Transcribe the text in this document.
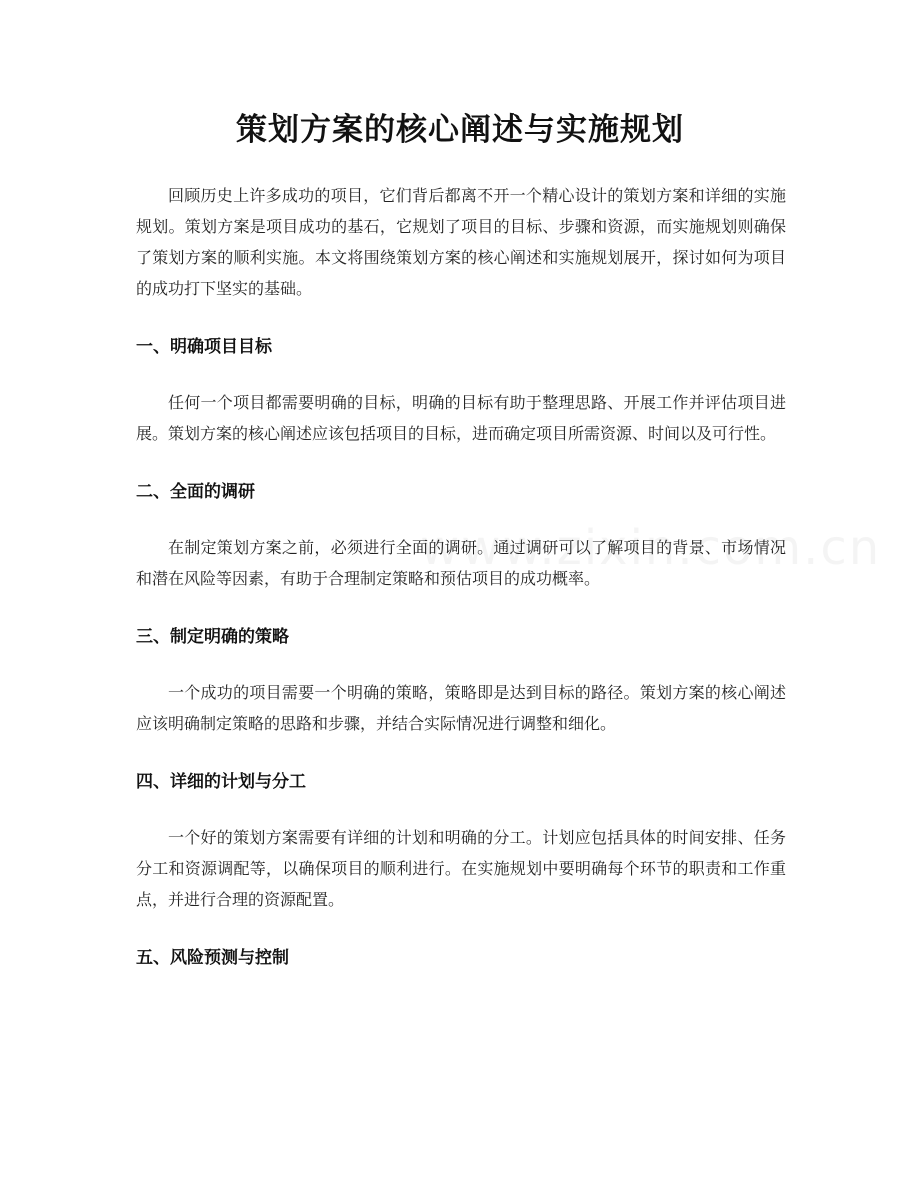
策划方案的核心阐述与实施规划

回顾历史上许多成功的项目，它们背后都离不开一个精心设计的策划方案和详细的实施规划。策划方案是项目成功的基石，它规划了项目的目标、步骤和资源，而实施规划则确保了策划方案的顺利实施。本文将围绕策划方案的核心阐述和实施规划展开，探讨如何为项目的成功打下坚实的基础。

一、明确项目目标

任何一个项目都需要明确的目标，明确的目标有助于整理思路、开展工作并评估项目进展。策划方案的核心阐述应该包括项目的目标，进而确定项目所需资源、时间以及可行性。

二、全面的调研

在制定策划方案之前，必须进行全面的调研。通过调研可以了解项目的背景、市场情况和潜在风险等因素，有助于合理制定策略和预估项目的成功概率。

三、制定明确的策略

一个成功的项目需要一个明确的策略，策略即是达到目标的路径。策划方案的核心阐述应该明确制定策略的思路和步骤，并结合实际情况进行调整和细化。

四、详细的计划与分工

一个好的策划方案需要有详细的计划和明确的分工。计划应包括具体的时间安排、任务分工和资源调配等，以确保项目的顺利进行。在实施规划中要明确每个环节的职责和工作重点，并进行合理的资源配置。

五、风险预测与控制
